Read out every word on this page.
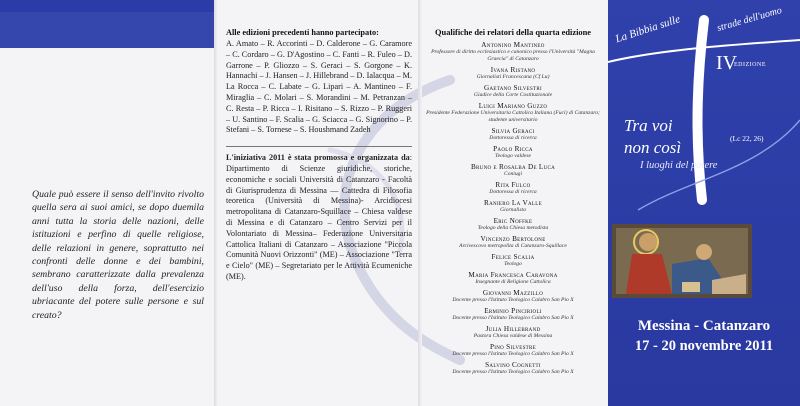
Quale può essere il senso dell'invito rivolto quella sera ai suoi amici, se dopo duemila anni tutta la storia delle nazioni, delle istituzioni e perfino di quelle religiose, delle relazioni in genere, soprattutto nei confronti delle donne e dei bambini, sembrano caratterizzate dalla prevalenza dell'uso della forza, dell'esercizio ubriacante del potere sulle persone e sul creato?
Alle edizioni precedenti hanno partecipato:

A. Amato – R. Accorinti – D. Calderone – G. Caramore – C. Cordaro – G. D'Agostino – C. Fanti – R. Fuleo – D. Garrone – P. Gliozzo – S. Geraci – S. Gorgone – K. Hannachi – J. Hansen – J. Hillebrand – D. Ialacqua – M. La Rocca – C. Labate – G. Lipari – A. Mantineo – F. Miraglia – C. Molari – S. Morandini – M. Petranzan – C. Resta – P. Ricca – I. Risitano – S. Rizzo – P. Ruggeri – U. Santino – F. Scalia – G. Sciacca – G. Signorino – P. Stefani – S. Tornese – S. Houshmand Zadeh

L'iniziativa 2011 è stata promossa e organizzata da: Dipartimento di Scienze giuridiche, storiche, economiche e sociali Università di Catanzaro - Facoltà di Giurisprudenza di Messina — Cattedra di Filosofia teoretica (Università di Messina)- Arcidiocesi metropolitana di Catanzaro-Squillace – Chiesa valdese di Messina e di Catanzaro – Centro Servizi per il Volontariato di Messina– Federazione Universitaria Cattolica Italiani di Catanzaro – Associazione "Piccola Comunità Nuovi Orizzonti" (ME) – Associazione "Terra e Cielo" (ME) – Segretariato per le Attività Ecumeniche (ME).

Qualifiche dei relatori della quarta edizione
Antonino Mantineo
Professore di diritto ecclesiastico e canonico presso l'Università "Magna Graecia" di Catanzaro
Ivana Ristano
Giornalisti Francescana (Cf Lu)
Gaetano Silvestri
Giudice della Corte Costituzionale
Luigi Mariano Guzzo
Presidente Federazione Universitaria Cattolica Italiana (Fuci) di Catanzaro; studente universitario
Silvia Geraci
Dottoressa di ricerca
Paolo Ricca
Teologo valdese
Bruno e Rosalba De Luca
Coniugi
Rita Fulco
Dottoressa di ricerca
Raniero La Valle
Giornalista
Eric Noffke
Teologo della Chiesa metodista
Vincenzo Bertolone
Arcivescovo metropolita di Catanzaro-Squillace
Felice Scalia
Teologo
Maria Francesca Caravona
Insegnante di Religione Cattolica
Giovanni Mazzillo
Docente presso l'Istituto Teologico Calabro San Pio X
Erminio Pincirioli
Docente presso l'Istituto Teologico Calabro San Pio X
Julia Hillebrand
Pastora Chiesa valdese di Messina
Pino Silvestre
Docente presso l'Istituto Teologico Calabro San Pio X
Salvino Cognetti
Docente presso l'Istituto Teologico Calabro San Pio X
La Bibbia sulle	strade dell'uomo
IV
EDIZIONE
Tra voi
non così	(Lc 22, 26)
I luoghi del potere
Messina - Catanzaro
17 - 20 novembre 2011
